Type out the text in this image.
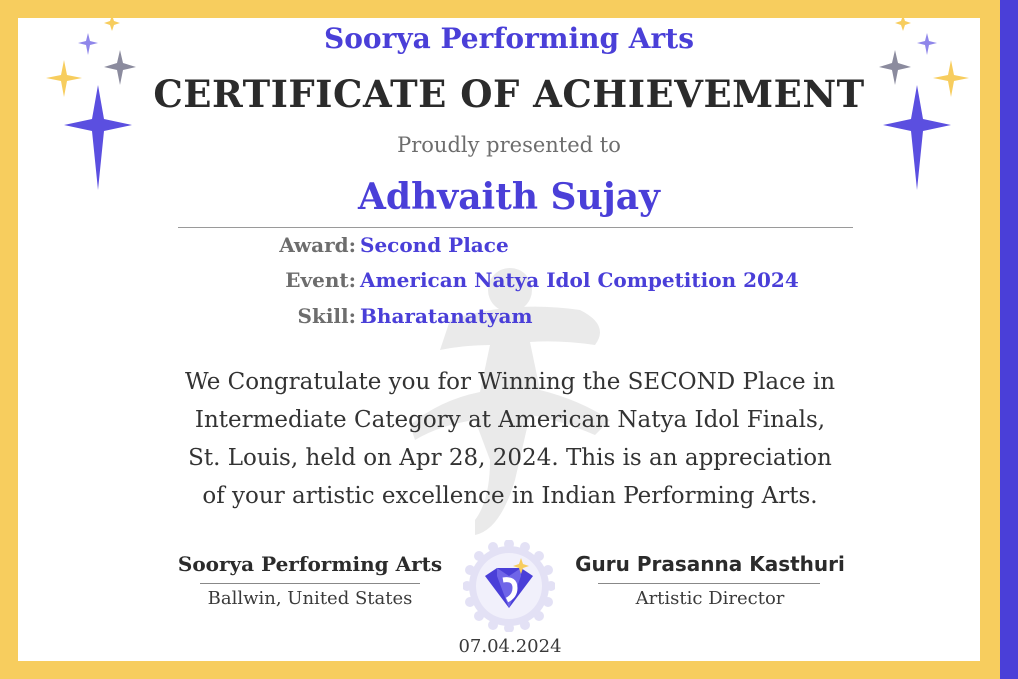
Soorya Performing Arts
CERTIFICATE OF ACHIEVEMENT
Proudly presented to
Adhvaith Sujay
Award: Second Place
Event: American Natya Idol Competition 2024
Skill: Bharatanatyam
We Congratulate you for Winning the SECOND Place in
Intermediate Category at American Natya Idol Finals,
St. Louis, held on Apr 28, 2024. This is an appreciation
of your artistic excellence in Indian Performing Arts.
Soorya Performing Arts
Ballwin, United States
Guru Prasanna Kasthuri
Artistic Director
07.04.2024
